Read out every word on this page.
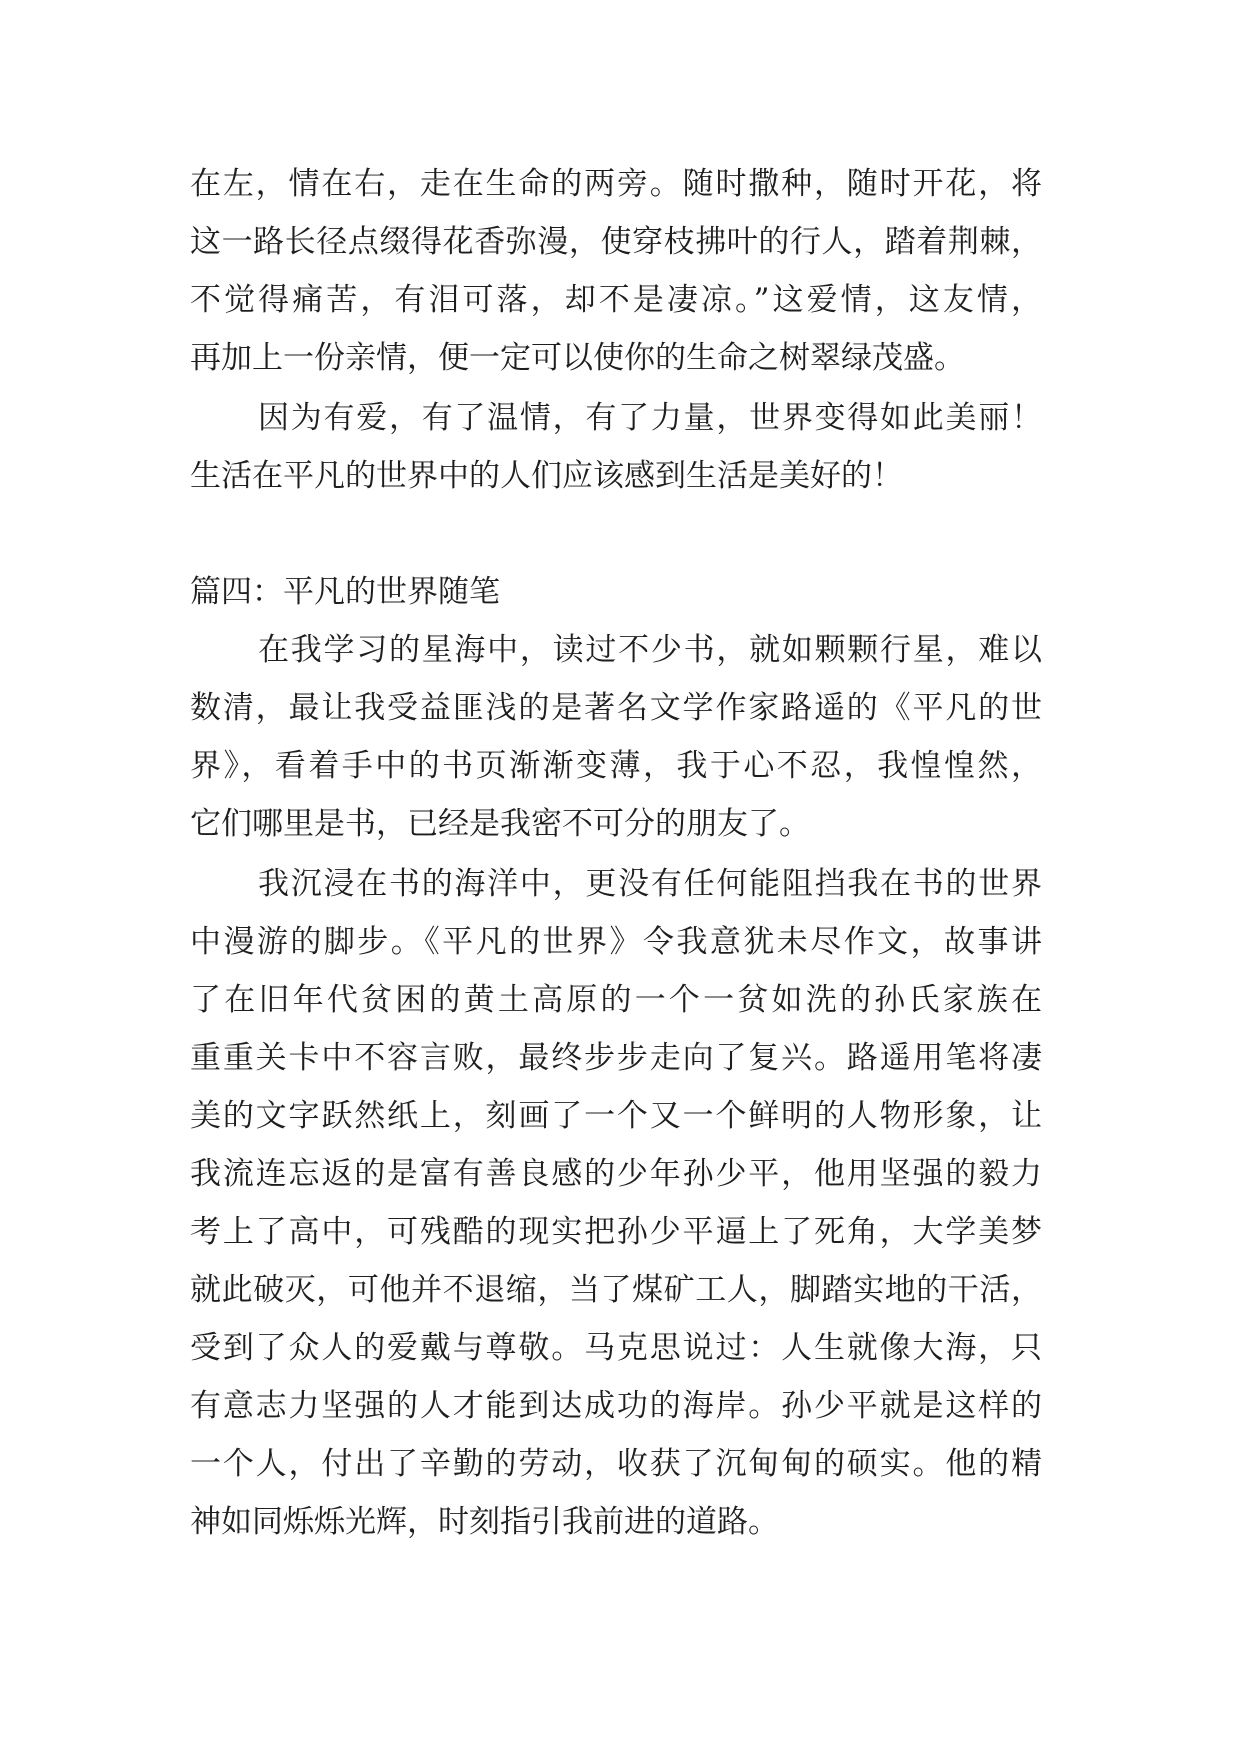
在左，情在右，走在生命的两旁。随时撒种，随时开花，将
这一路长径点缀得花香弥漫，使穿枝拂叶的行人，踏着荆棘，
不觉得痛苦，有泪可落，却不是凄凉。”这爱情，这友情，
再加上一份亲情，便一定可以使你的生命之树翠绿茂盛。
因为有爱，有了温情，有了力量，世界变得如此美丽！
生活在平凡的世界中的人们应该感到生活是美好的！
篇四：平凡的世界随笔
在我学习的星海中，读过不少书，就如颗颗行星，难以
数清，最让我受益匪浅的是著名文学作家路遥的《平凡的世
界》，看着手中的书页渐渐变薄，我于心不忍，我惶惶然，
它们哪里是书，已经是我密不可分的朋友了。
我沉浸在书的海洋中，更没有任何能阻挡我在书的世界
中漫游的脚步。《平凡的世界》令我意犹未尽作文，故事讲
了在旧年代贫困的黄土高原的一个一贫如洗的孙氏家族在
重重关卡中不容言败，最终步步走向了复兴。路遥用笔将凄
美的文字跃然纸上，刻画了一个又一个鲜明的人物形象，让
我流连忘返的是富有善良感的少年孙少平，他用坚强的毅力
考上了高中，可残酷的现实把孙少平逼上了死角，大学美梦
就此破灭，可他并不退缩，当了煤矿工人，脚踏实地的干活，
受到了众人的爱戴与尊敬。马克思说过：人生就像大海，只
有意志力坚强的人才能到达成功的海岸。孙少平就是这样的
一个人，付出了辛勤的劳动，收获了沉甸甸的硕实。他的精
神如同烁烁光辉，时刻指引我前进的道路。
